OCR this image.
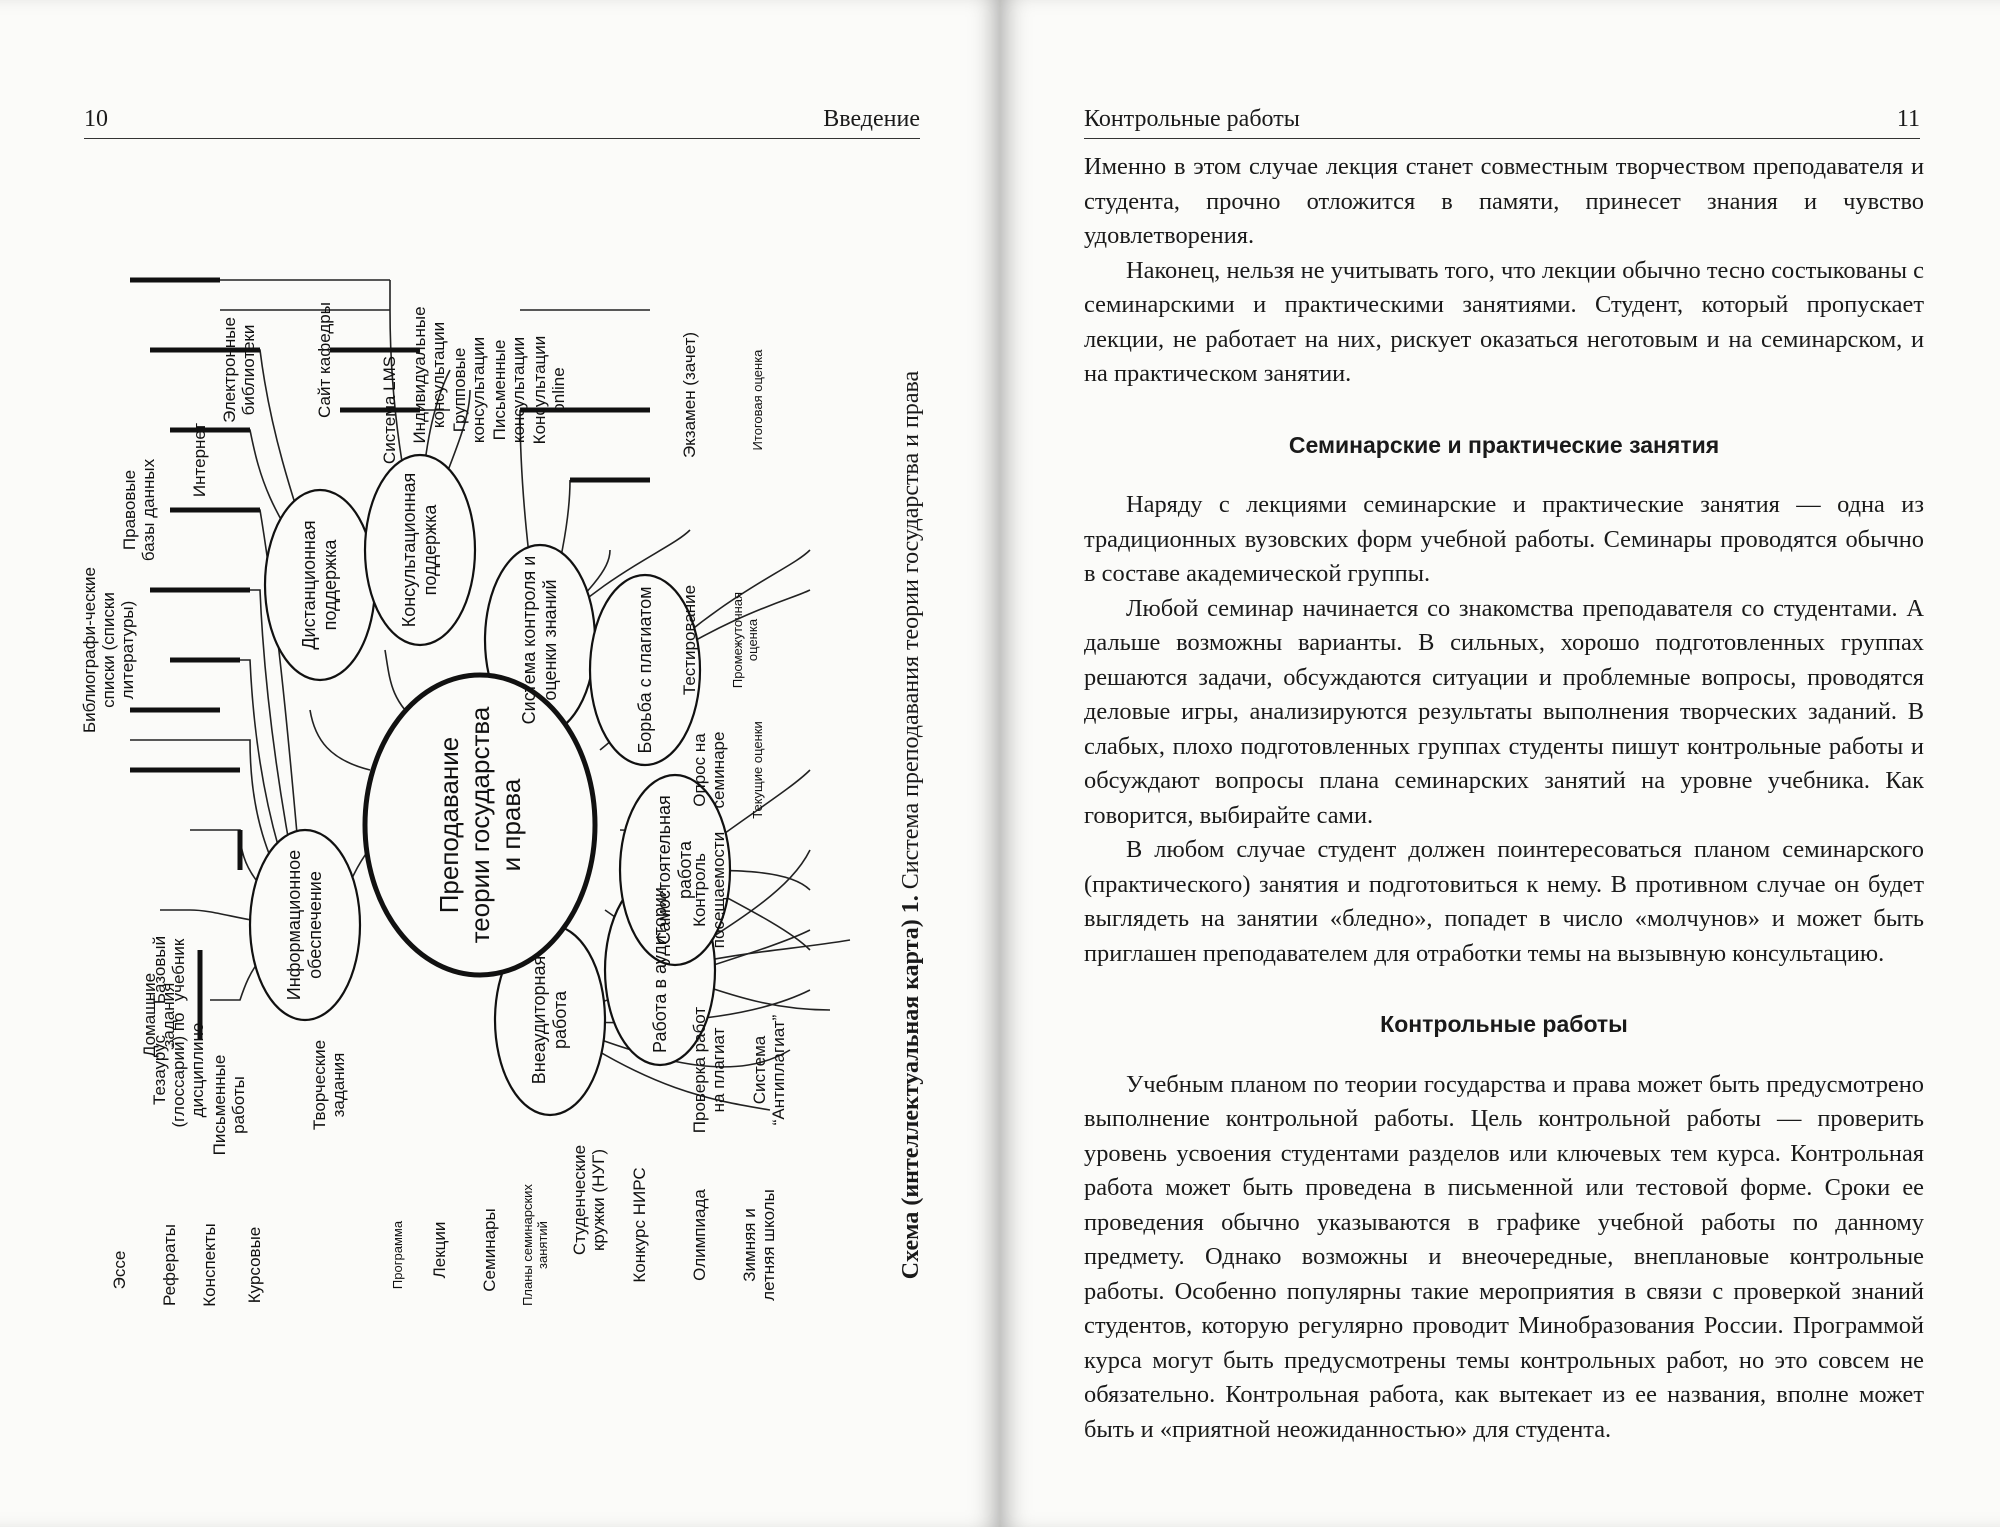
10	Введение
Преподавание теории государства и права
Информационное обеспечение
Дистанционная поддержка	Консультационная поддержка
Система контроля и оценки знаний	Борьба с плагиатом
Внеаудиторная работа	Работа в аудитории
Самостоятельная работа
Базовый учебник
Тезаурус (глоссарий) по дисциплине
Библиографи-ческие списки (списки литературы)
Правовые базы данных Интернет
Электронные библиотеки	Сайт кафедры	Система LMS Индивидуальные консультации Групповые консультации Письменные консультации Консультации online
Тестирование Промежуточная оценка
Экзамен (зачет)	Итоговая оценка
Опрос на семинаре Текущие оценки
Контроль посещаемости
Проверка работ на плагиат Система “Антиплагиат”
Студенческие кружки (НУГ) Конкурс НИРС Олимпиада Зимняя и летняя школы
Программа Лекции Семинары Планы семинарских занятий
Домашние задания
Письменные работы	Творческие задания
Эссе Рефераты Конспекты Курсовые	Схема (интеллектуальная карта) 1. Система преподавания теории государства и права
Контрольные работы	11

Именно в этом случае лекция станет совместным творчеством преподавателя и студента, прочно отложится в памяти, принесет знания и чувство удовлетворения.

Наконец, нельзя не учитывать того, что лекции обычно тесно состыкованы с семинарскими и практическими занятиями. Студент, который пропускает лекции, не работает на них, рискует оказаться неготовым и на семинарском, и на практическом занятии.

Семинарские и практические занятия

Наряду с лекциями семинарские и практические занятия — одна из традиционных вузовских форм учебной работы. Семинары проводятся обычно в составе академической группы.

Любой семинар начинается со знакомства преподавателя со студентами. А дальше возможны варианты. В сильных, хорошо подготовленных группах решаются задачи, обсуждаются ситуации и проблемные вопросы, проводятся деловые игры, анализируются результаты выполнения творческих заданий. В слабых, плохо подготовленных группах студенты пишут контрольные работы и обсуждают вопросы плана семинарских занятий на уровне учебника. Как говорится, выбирайте сами.

В любом случае студент должен поинтересоваться планом семинарского (практического) занятия и подготовиться к нему. В противном случае он будет выглядеть на занятии «бледно», попадет в число «молчунов» и может быть приглашен преподавателем для отработки темы на вызывную консультацию.

Контрольные работы

Учебным планом по теории государства и права может быть предусмотрено выполнение контрольной работы. Цель контрольной работы — проверить уровень усвоения студентами разделов или ключевых тем курса. Контрольная работа может быть проведена в письменной или тестовой форме. Сроки ее проведения обычно указываются в графике учебной работы по данному предмету. Однако возможны и внеочередные, внеплановые контрольные работы. Особенно популярны такие мероприятия в связи с проверкой знаний студентов, которую регулярно проводит Минобразования России. Программой курса могут быть предусмотрены темы контрольных работ, но это совсем не обязательно. Контрольная работа, как вытекает из ее названия, вполне может быть и «приятной неожиданностью» для студента.
